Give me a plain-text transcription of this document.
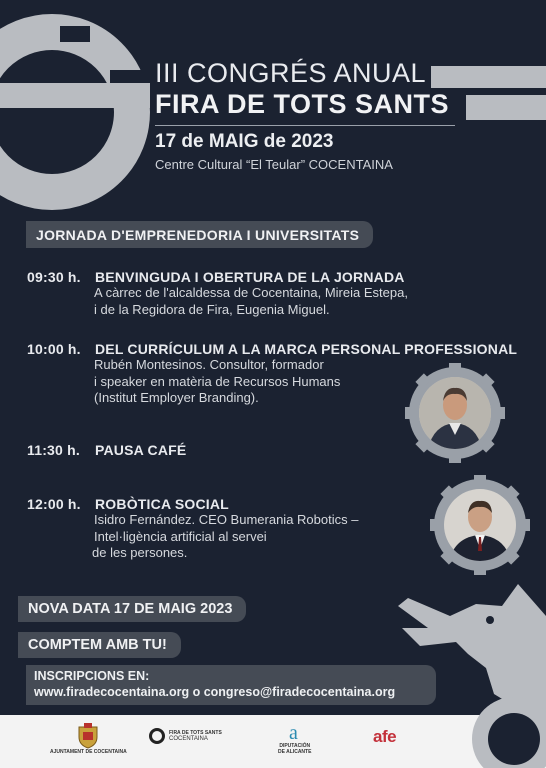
III CONGRÉS ANUAL
FIRA DE TOTS SANTS
17 de MAIG de 2023
Centre Cultural “El Teular” COCENTAINA
JORNADA D'EMPRENEDORIA I UNIVERSITATS
09:30 h.	BENVINGUDA I OBERTURA DE LA JORNADA
A càrrec de l'alcaldessa de Cocentaina, Mireia Estepa,
i de la Regidora de Fira, Eugenia Miguel.
10:00 h.	DEL CURRÍCULUM A LA MARCA PERSONAL PROFESSIONAL
Rubén Montesinos. Consultor, formador
i speaker en matèria de Recursos Humans
(Institut Employer Branding).
11:30 h.	PAUSA CAFÉ
12:00 h.	ROBÒTICA SOCIAL
Isidro Fernández. CEO Bumerania Robotics –
Intel·ligència artificial al servei
de les persones.
NOVA DATA 17 DE MAIG 2023
COMPTEM AMB TU!
INSCRIPCIONS EN:
www.firadecocentaina.org o congreso@firadecocentaina.org
AJUNTAMENT DE COCENTAINA
FIRA DE TOTS SANTS
COCENTAINA	a
DIPUTACIÓN
DE ALICANTE
afe
